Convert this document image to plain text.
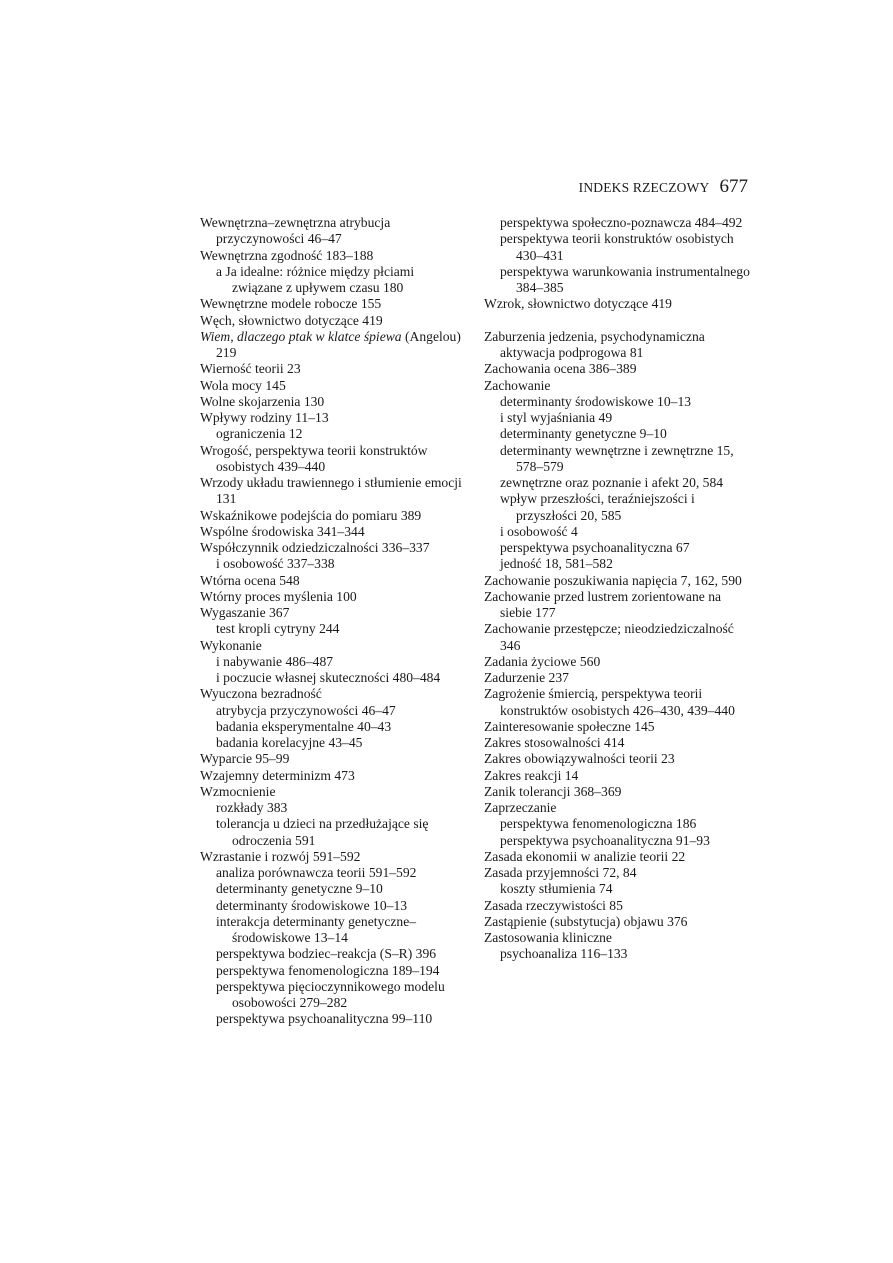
INDEKS RZECZOWY 677
Wewnętrzna–zewnętrzna atrybucja przyczynowości 46–47
Wewnętrzna zgodność 183–188
a Ja idealne: różnice między płciami związane z upływem czasu 180
Wewnętrzne modele robocze 155
Węch, słownictwo dotyczące 419
Wiem, dlaczego ptak w klatce śpiewa (Angelou) 219
Wierność teorii 23
Wola mocy 145
Wolne skojarzenia 130
Wpływy rodziny 11–13
ograniczenia 12
Wrogość, perspektywa teorii konstruktów osobistych 439–440
Wrzody układu trawiennego i stłumienie emocji 131
Wskaźnikowe podejścia do pomiaru 389
Wspólne środowiska 341–344
Współczynnik odziedziczalności 336–337
i osobowość 337–338
Wtórna ocena 548
Wtórny proces myślenia 100
Wygaszanie 367
test kropli cytryny 244
Wykonanie
i nabywanie 486–487
i poczucie własnej skuteczności 480–484
Wyuczona bezradność
atrybycja przyczynowości 46–47
badania eksperymentalne 40–43
badania korelacyjne 43–45
Wyparcie 95–99
Wzajemny determinizm 473
Wzmocnienie
rozkłady 383
tolerancja u dzieci na przedłużające się odroczenia 591
Wzrastanie i rozwój 591–592
analiza porównawcza teorii 591–592
determinanty genetyczne 9–10
determinanty środowiskowe 10–13
interakcja determinanty genetyczne–środowiskowe 13–14
perspektywa bodziec–reakcja (S–R) 396
perspektywa fenomenologiczna 189–194
perspektywa pięcioczynnikowego modelu osobowości 279–282
perspektywa psychoanalityczna 99–110
perspektywa społeczno-poznawcza 484–492
perspektywa teorii konstruktów osobistych 430–431
perspektywa warunkowania instrumentalnego 384–385
Wzrok, słownictwo dotyczące 419
Zaburzenia jedzenia, psychodynamiczna aktywacja podprogowa 81
Zachowania ocena 386–389
Zachowanie
determinanty środowiskowe 10–13
i styl wyjaśniania 49
determinanty genetyczne 9–10
determinanty wewnętrzne i zewnętrzne 15, 578–579
zewnętrzne oraz poznanie i afekt 20, 584
wpływ przeszłości, teraźniejszości i przyszłości 20, 585
i osobowość 4
perspektywa psychoanalityczna 67
jedność 18, 581–582
Zachowanie poszukiwania napięcia 7, 162, 590
Zachowanie przed lustrem zorientowane na siebie 177
Zachowanie przestępcze; nieodziedziczalność 346
Zadania życiowe 560
Zadurzenie 237
Zagrożenie śmiercią, perspektywa teorii konstruktów osobistych 426–430, 439–440
Zainteresowanie społeczne 145
Zakres stosowalności 414
Zakres obowiązywalności teorii 23
Zakres reakcji 14
Zanik tolerancji 368–369
Zaprzeczanie
perspektywa fenomenologiczna 186
perspektywa psychoanalityczna 91–93
Zasada ekonomii w analizie teorii 22
Zasada przyjemności 72, 84
koszty stłumienia 74
Zasada rzeczywistości 85
Zastąpienie (substytucja) objawu 376
Zastosowania kliniczne
psychoanaliza 116–133
